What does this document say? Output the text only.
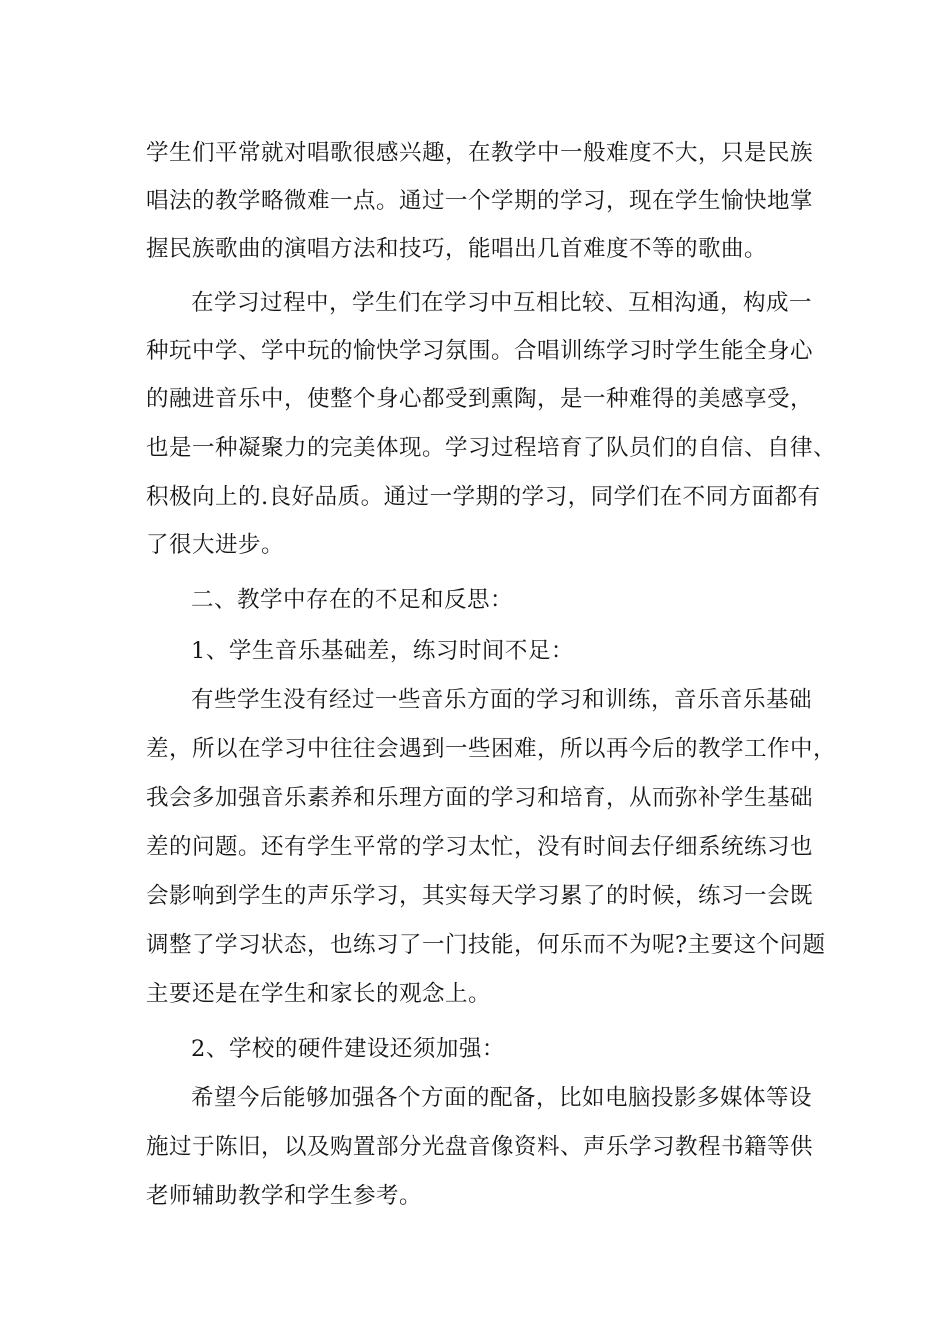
学生们平常就对唱歌很感兴趣，在教学中一般难度不大，只是民族
唱法的教学略微难一点。通过一个学期的学习，现在学生愉快地掌
握民族歌曲的演唱方法和技巧，能唱出几首难度不等的歌曲。
在学习过程中，学生们在学习中互相比较、互相沟通，构成一
种玩中学、学中玩的愉快学习氛围。合唱训练学习时学生能全身心
的融进音乐中，使整个身心都受到熏陶，是一种难得的美感享受，
也是一种凝聚力的完美体现。学习过程培育了队员们的自信、自律、
积极向上的.良好品质。通过一学期的学习，同学们在不同方面都有
了很大进步。
二、教学中存在的不足和反思：
1、学生音乐基础差，练习时间不足：
有些学生没有经过一些音乐方面的学习和训练，音乐音乐基础
差，所以在学习中往往会遇到一些困难，所以再今后的教学工作中，
我会多加强音乐素养和乐理方面的学习和培育，从而弥补学生基础
差的问题。还有学生平常的学习太忙，没有时间去仔细系统练习也
会影响到学生的声乐学习，其实每天学习累了的时候，练习一会既
调整了学习状态，也练习了一门技能，何乐而不为呢?主要这个问题
主要还是在学生和家长的观念上。
2、学校的硬件建设还须加强：
希望今后能够加强各个方面的配备，比如电脑投影多媒体等设
施过于陈旧，以及购置部分光盘音像资料、声乐学习教程书籍等供
老师辅助教学和学生参考。
